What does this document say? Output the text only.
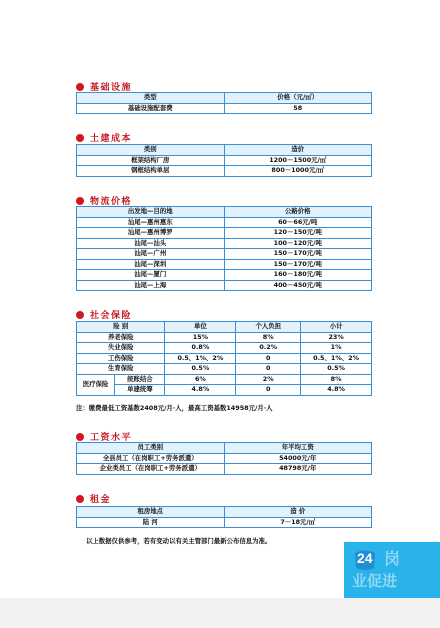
基础设施
类型	价格（元/㎡）
基础设施配套费	58
土建成本
类别	造价
框架结构厂房	1200－1500元/㎡
钢框结构单层	800－1000元/㎡
物流价格
出发地—目的地	公路价格
汕尾—惠州惠东	60－66元/吨
汕尾—惠州博罗	120－150元/吨
汕尾—汕头	100－120元/吨
汕尾—广州	150－170元/吨
汕尾—深圳	150－170元/吨
汕尾—厦门	160－180元/吨
汕尾—上海	400－450元/吨
社会保险
险 别		单位	个人负担	小计
养老保险		15%	8%	23%
失业保险		0.8%	0.2%	1%
工伤保险		0.5、1%、2%	0	0.5、1%、2%
生育保险		0.5%	0	0.5%
医疗保险	统账结合	6%	2%	8%
	单建统筹	4.8%	0	4.8%
注：缴费最低工资基数2408元/月·人，最高工资基数14958元/月·人
工资水平
员工类别	年平均工资
全县员工（在岗职工+劳务派遣）	54000元/年
企业类员工（在岗职工+劳务派遣）	48798元/年
租金
租房地点	造 价
陆 河	7－18元/㎡
以上数据仅供参考，若有变动以有关主管部门最新公布信息为准。
岗
业促进
24
